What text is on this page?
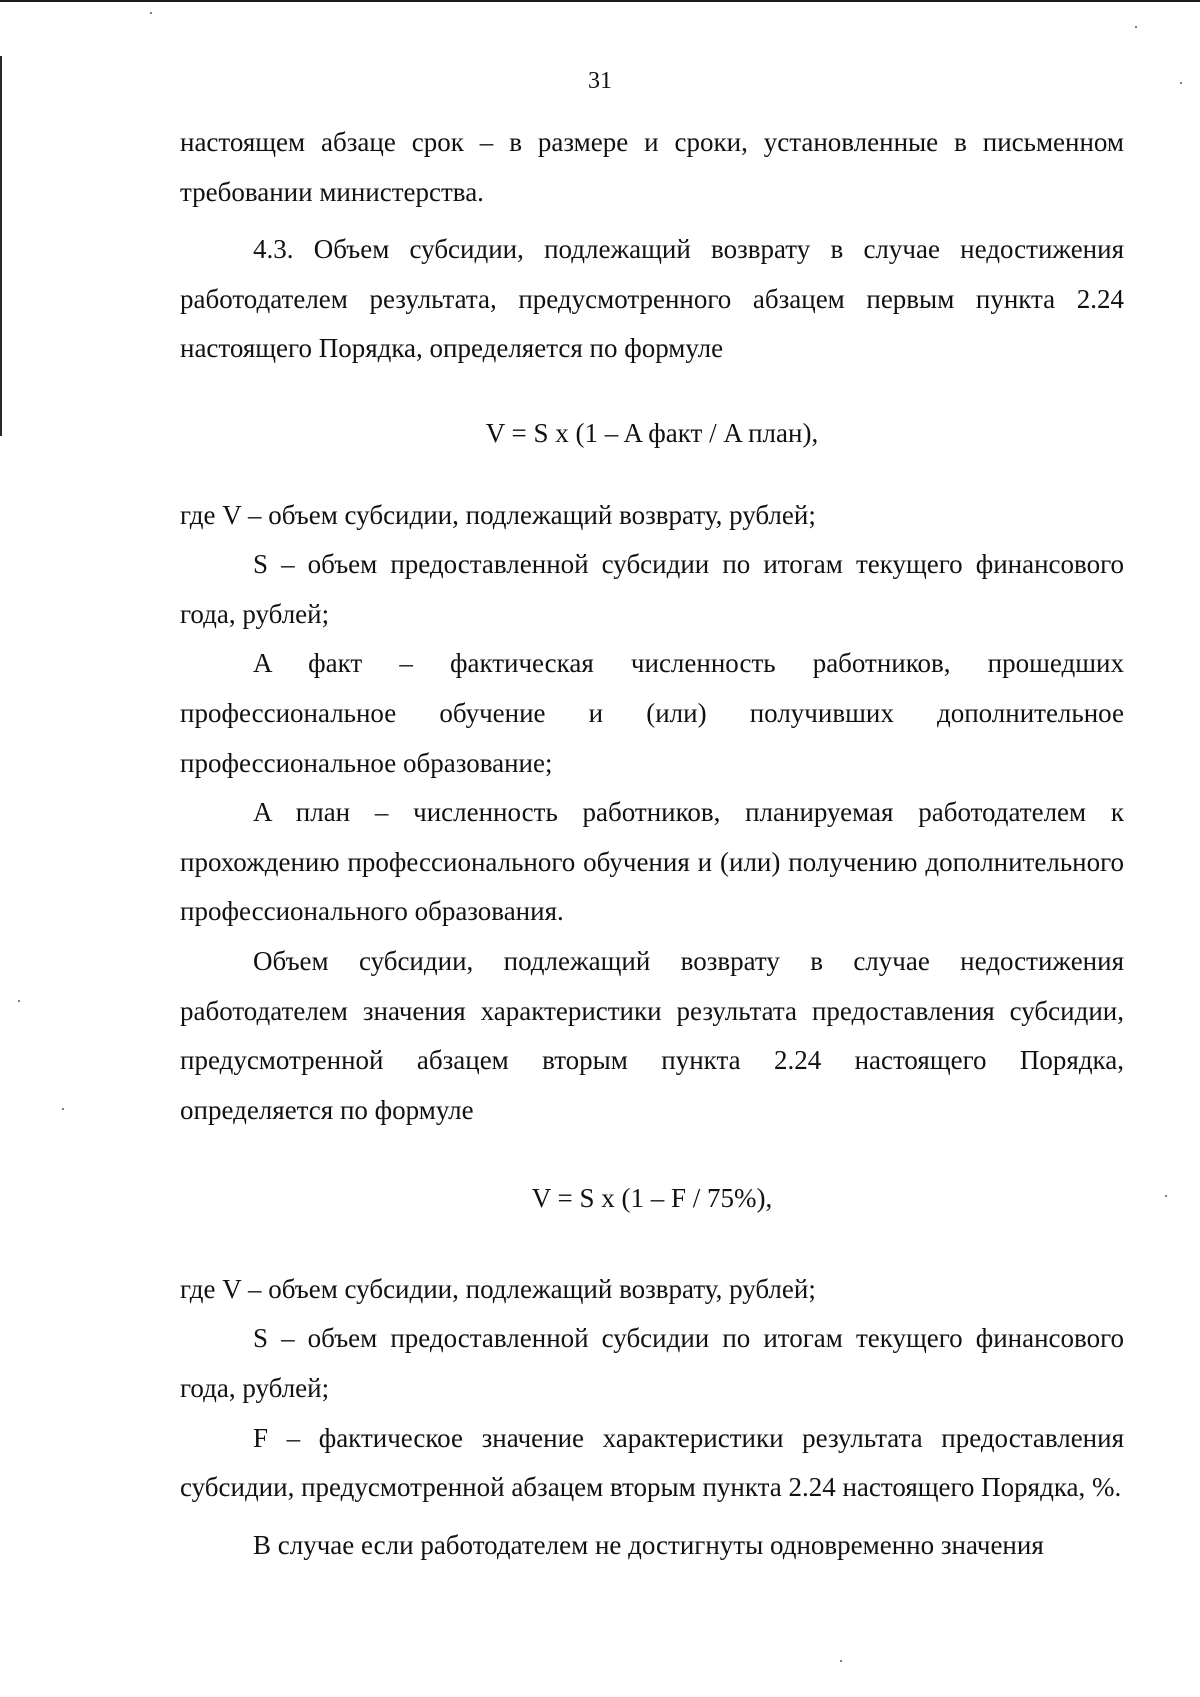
31

настоящем абзаце срок – в размере и сроки, установленные в письменном требовании министерства.

4.3. Объем субсидии, подлежащий возврату в случае недостижения работодателем результата, предусмотренного абзацем первым пункта 2.24 настоящего Порядка, определяется по формуле

V = S x (1 – A факт / A план),

где V – объем субсидии, подлежащий возврату, рублей;

S – объем предоставленной субсидии по итогам текущего финансового года, рублей;

A факт – фактическая численность работников, прошедших профессиональное обучение и (или) получивших дополнительное профессиональное образование;

A план – численность работников, планируемая работодателем к прохождению профессионального обучения и (или) получению дополнительного профессионального образования.

Объем субсидии, подлежащий возврату в случае недостижения работодателем значения характеристики результата предоставления субсидии, предусмотренной абзацем вторым пункта 2.24 настоящего Порядка, определяется по формуле

V = S x (1 – F / 75%),

где V – объем субсидии, подлежащий возврату, рублей;

S – объем предоставленной субсидии по итогам текущего финансового года, рублей;

F – фактическое значение характеристики результата предоставления субсидии, предусмотренной абзацем вторым пункта 2.24 настоящего Порядка, %.

В случае если работодателем не достигнуты одновременно значения
